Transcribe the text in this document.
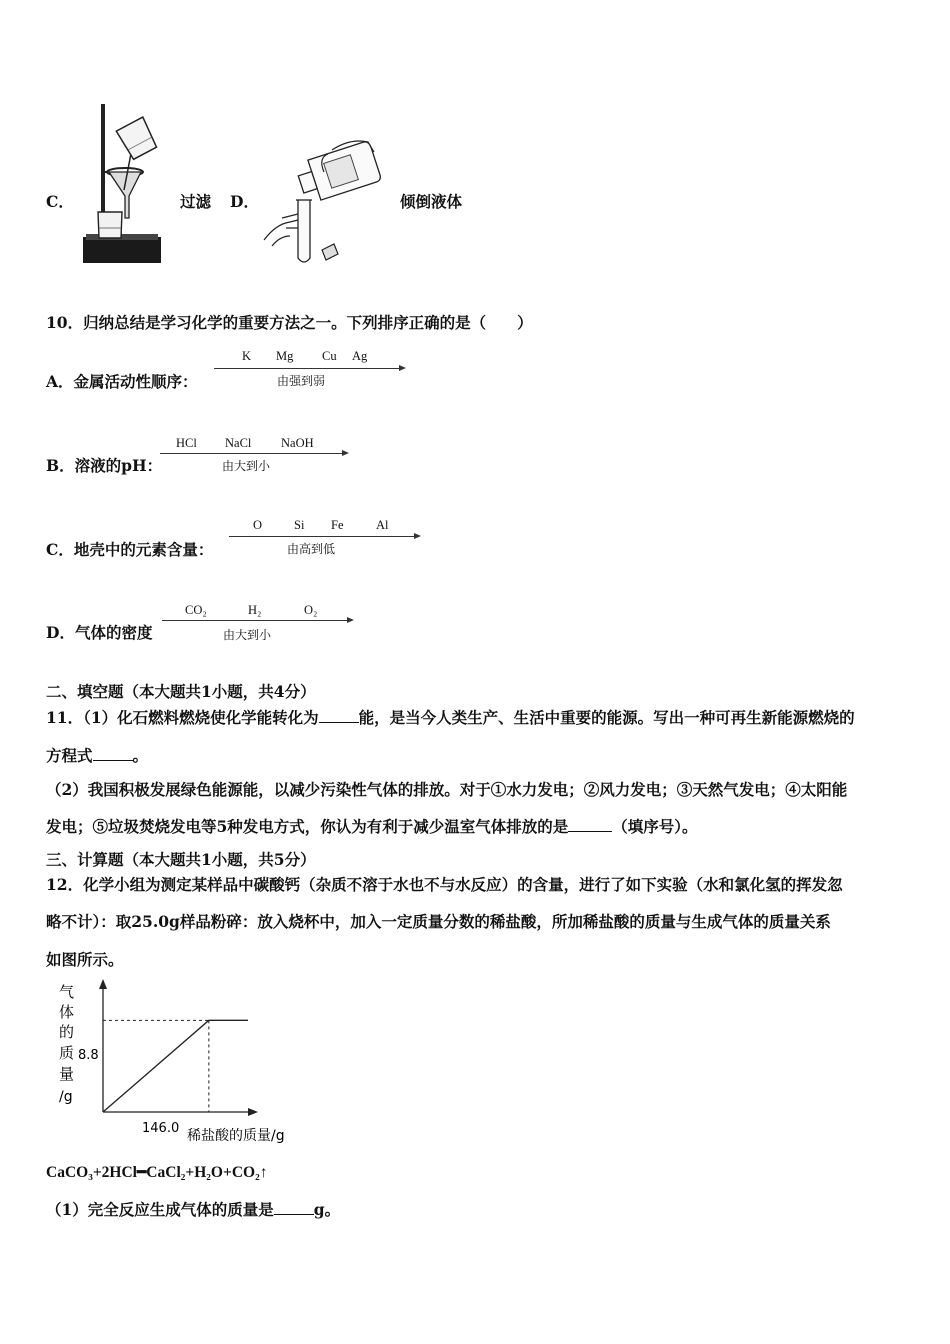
C．	过滤 D．	倾倒液体
10．归纳总结是学习化学的重要方法之一。下列排序正确的是（　　）
A．金属活动性顺序：
K Mg Cu Ag
由强到弱
B．溶液的pH：
HCl NaCl NaOH
由大到小
C．地壳中的元素含量：
O	Si Fe	Al
由高到低
D．气体的密度
CO₂	H₂	O₂
由大到小
二、填空题（本大题共1小题，共4分）
11．（1）化石燃料燃烧使化学能转化为	能，是当今人类生产、生活中重要的能源。写出一种可再生新能源燃烧的
方程式	。
（2）我国积极发展绿色能源能，以减少污染性气体的排放。对于①水力发电；②风力发电；③天然气发电；④太阳能
发电；⑤垃圾焚烧发电等5种发电方式，你认为有利于减少温室气体排放的是	（填序号）。
三、计算题（本大题共1小题，共5分）
12．化学小组为测定某样品中碳酸钙（杂质不溶于水也不与水反应）的含量，进行了如下实验（水和氯化氢的挥发忽
略不计）：取25.0g样品粉碎：放入烧杯中，加入一定质量分数的稀盐酸，所加稀盐酸的质量与生成气体的质量关系
如图所示。
气
体
的
质
量
/g
8.8
146.0 稀盐酸的质量/g
CaCO₃+2HCl━CaCl₂+H₂O+CO₂↑
（1）完全反应生成气体的质量是	g。
